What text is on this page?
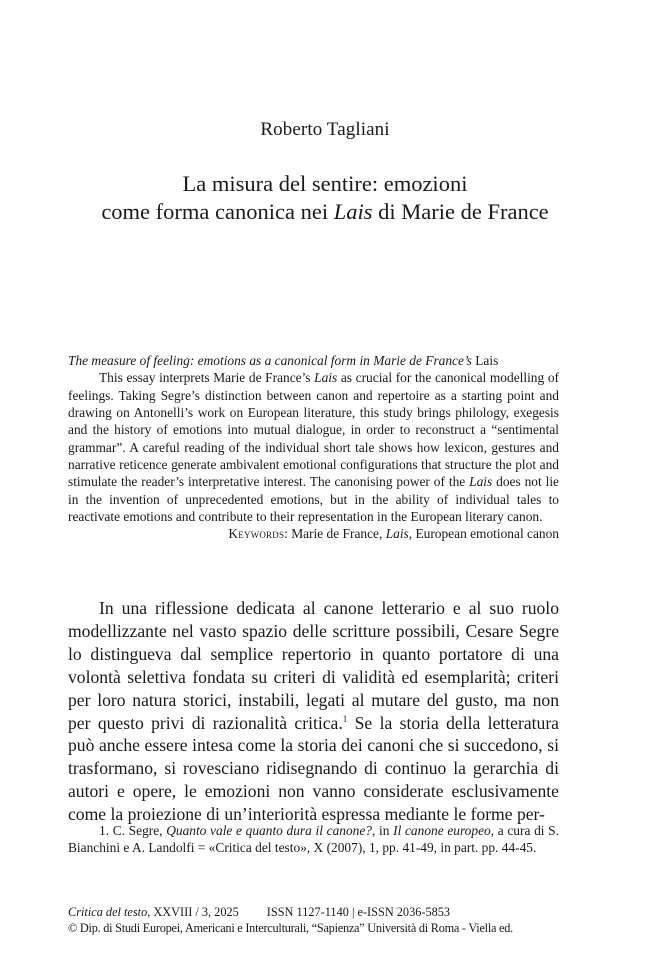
Roberto Tagliani
La misura del sentire: emozioni
come forma canonica nei Lais di Marie de France

The measure of feeling: emotions as a canonical form in Marie de France’s Lais

This essay interprets Marie de France’s Lais as crucial for the canonical modelling of feelings. Taking Segre’s distinction between canon and repertoire as a starting point and drawing on Antonelli’s work on European literature, this study brings philology, exegesis and the history of emotions into mutual dialogue, in order to reconstruct a “sentimental grammar”. A careful reading of the individual short tale shows how lexicon, gestures and narrative reticence generate ambivalent emotional configurations that structure the plot and stimulate the reader’s interpretative interest. The canonising power of the Lais does not lie in the invention of unprecedented emotions, but in the ability of individual tales to reactivate emotions and contribute to their representation in the European literary canon.

Keywords: Marie de France, Lais, European emotional canon

In una riflessione dedicata al canone letterario e al suo ruolo modellizzante nel vasto spazio delle scritture possibili, Cesare Segre lo distingueva dal semplice repertorio in quanto portatore di una volontà selettiva fondata su criteri di validità ed esemplarità; criteri per loro natura storici, instabili, legati al mutare del gusto, ma non per questo privi di razionalità critica.$^1$ Se la storia della letteratura può anche essere intesa come la storia dei canoni che si succedono, si trasformano, si rovesciano ridisegnando di continuo la gerarchia di autori e opere, le emozioni non vanno considerate esclusivamente come la proiezione di un’interiorità espressa mediante le forme per-

1. C. Segre, Quanto vale e quanto dura il canone?, in Il canone europeo, a cura di S. Bianchini e A. Landolfi = «Critica del testo», X (2007), 1, pp. 41-49, in part. pp. 44-45.

Critica del testo, XXVIII / 3, 2025 ISSN 1127-1140 | e-ISSN 2036-5853
© Dip. di Studi Europei, Americani e Interculturali, “Sapienza” Università di Roma - Viella ed.
